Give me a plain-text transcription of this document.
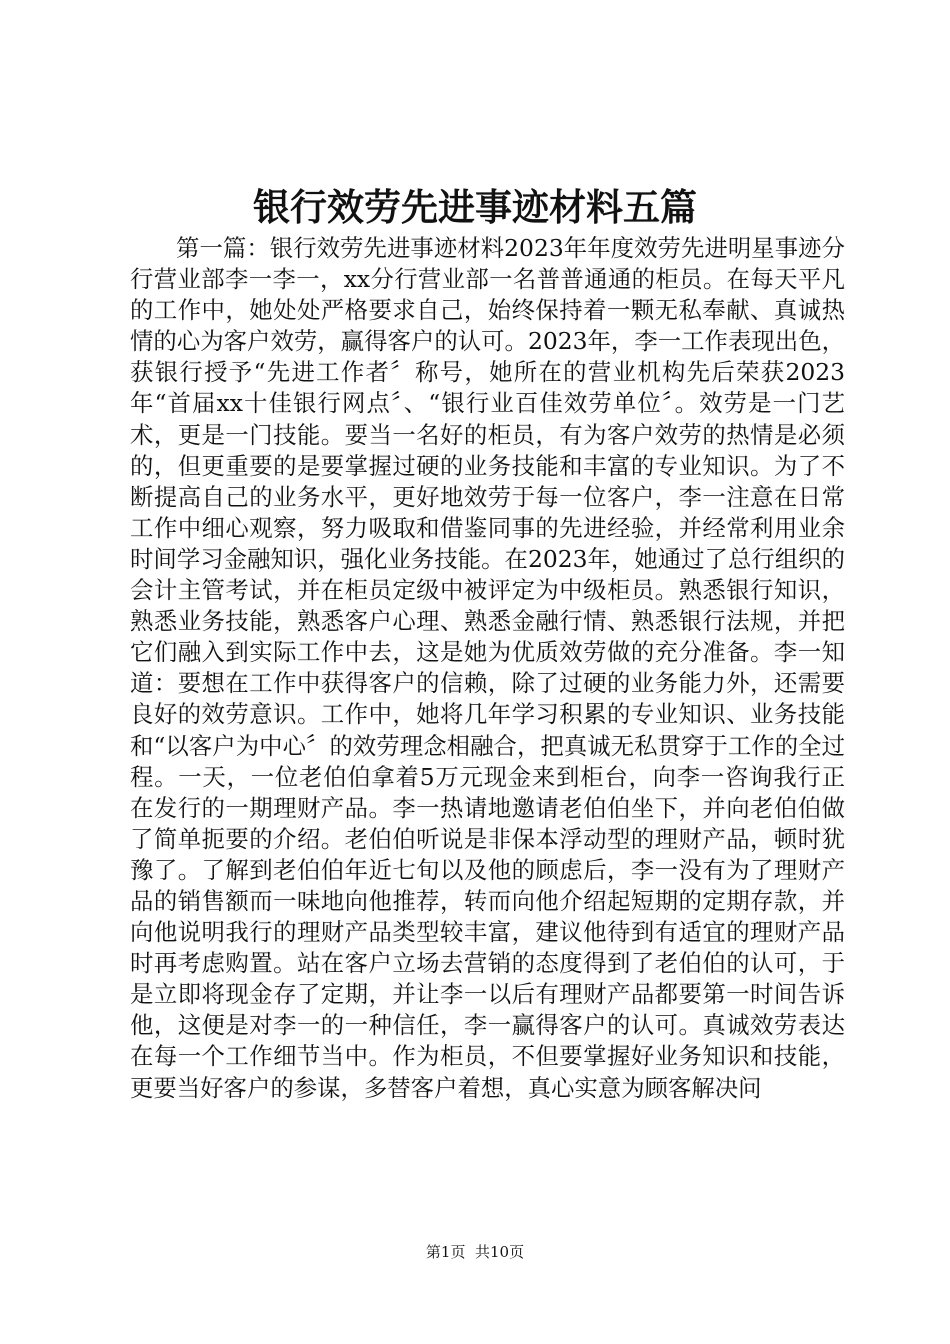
银行效劳先进事迹材料五篇

第一篇：银行效劳先进事迹材料2023年年度效劳先进明星事迹分行营业部李一李一，xx分行营业部一名普普通通的柜员。在每天平凡的工作中，她处处严格要求自己，始终保持着一颗无私奉献、真诚热情的心为客户效劳，赢得客户的认可。2023年，李一工作表现出色，获银行授予“先进工作者〞称号，她所在的营业机构先后荣获2023年“首届xx十佳银行网点〞、“银行业百佳效劳单位〞。效劳是一门艺术，更是一门技能。要当一名好的柜员，有为客户效劳的热情是必须的，但更重要的是要掌握过硬的业务技能和丰富的专业知识。为了不断提高自己的业务水平，更好地效劳于每一位客户，李一注意在日常工作中细心观察，努力吸取和借鉴同事的先进经验，并经常利用业余时间学习金融知识，强化业务技能。在2023年，她通过了总行组织的会计主管考试，并在柜员定级中被评定为中级柜员。熟悉银行知识，熟悉业务技能，熟悉客户心理、熟悉金融行情、熟悉银行法规，并把它们融入到实际工作中去，这是她为优质效劳做的充分准备。李一知道：要想在工作中获得客户的信赖，除了过硬的业务能力外，还需要良好的效劳意识。工作中，她将几年学习积累的专业知识、业务技能和“以客户为中心〞的效劳理念相融合，把真诚无私贯穿于工作的全过程。一天，一位老伯伯拿着5万元现金来到柜台，向李一咨询我行正在发行的一期理财产品。李一热请地邀请老伯伯坐下，并向老伯伯做了简单扼要的介绍。老伯伯听说是非保本浮动型的理财产品，顿时犹豫了。了解到老伯伯年近七旬以及他的顾虑后，李一没有为了理财产品的销售额而一味地向他推荐，转而向他介绍起短期的定期存款，并向他说明我行的理财产品类型较丰富，建议他待到有适宜的理财产品时再考虑购置。站在客户立场去营销的态度得到了老伯伯的认可，于是立即将现金存了定期，并让李一以后有理财产品都要第一时间告诉他，这便是对李一的一种信任，李一赢得客户的认可。真诚效劳表达在每一个工作细节当中。作为柜员，不但要掌握好业务知识和技能，更要当好客户的参谋，多替客户着想，真心实意为顾客解决问

第1页  共10页
